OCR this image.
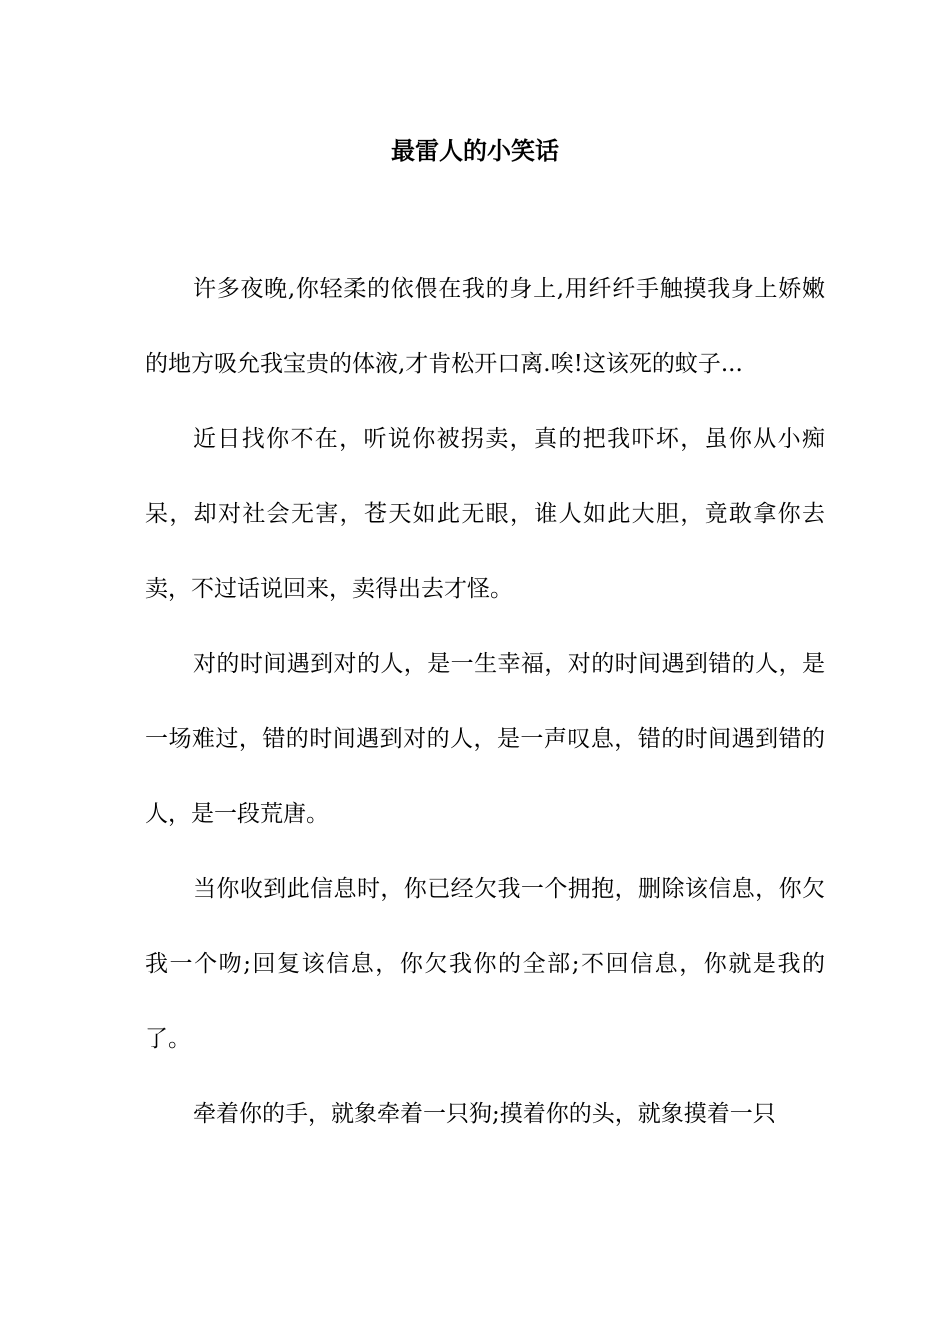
最雷人的小笑话

许多夜晚,你轻柔的依偎在我的身上,用纤纤手触摸我身上娇嫩的地方吸允我宝贵的体液,才肯松开口离.唉!这该死的蚊子...

近日找你不在，听说你被拐卖，真的把我吓坏，虽你从小痴呆，却对社会无害，苍天如此无眼，谁人如此大胆，竟敢拿你去卖，不过话说回来，卖得出去才怪。

对的时间遇到对的人，是一生幸福，对的时间遇到错的人，是一场难过，错的时间遇到对的人，是一声叹息，错的时间遇到错的人，是一段荒唐。

当你收到此信息时，你已经欠我一个拥抱，删除该信息，你欠我一个吻;回复该信息，你欠我你的全部;不回信息，你就是我的了。

牵着你的手，就象牵着一只狗;摸着你的头，就象摸着一只
